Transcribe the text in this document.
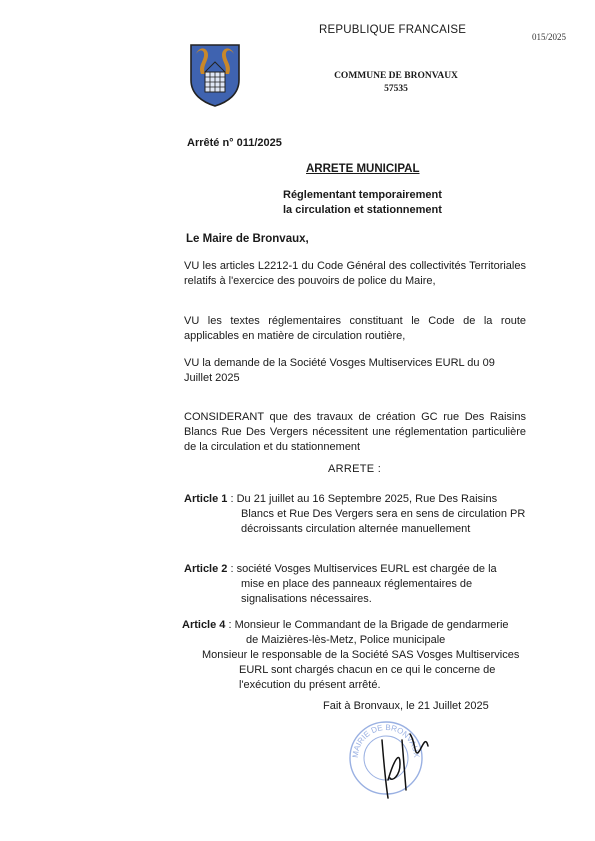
REPUBLIQUE FRANCAISE
015/2025
COMMUNE DE BRONVAUX
57535
Arrêté n° 011/2025
ARRETE MUNICIPAL
Réglementant temporairement
la circulation et stationnement
Le Maire de Bronvaux,
VU les articles L2212-1 du Code Général des collectivités Territoriales relatifs à l'exercice des pouvoirs de police du Maire,
VU les textes réglementaires constituant le Code de la route applicables en matière de circulation routière,
VU la demande de la Société Vosges Multiservices EURL du 09
Juillet 2025
CONSIDERANT que des travaux de création GC rue Des Raisins Blancs Rue Des Vergers nécessitent une réglementation particulière de la circulation et du stationnement
ARRETE :
Article 1 : Du 21 juillet au 16 Septembre 2025, Rue Des Raisins
Blancs et Rue Des Vergers sera en sens de circulation PR
décroissants circulation alternée manuellement
Article 2 : société Vosges Multiservices EURL est chargée de la
mise en place des panneaux réglementaires de
signalisations nécessaires.
Article 4 : Monsieur le Commandant de la Brigade de gendarmerie
de Maizières-lès-Metz, Police municipale
Monsieur le responsable de la Société SAS Vosges Multiservices
EURL sont chargés chacun en ce qui le concerne de
l'exécution du présent arrêté.
Fait à Bronvaux, le 21 Juillet 2025
MAIRIE DE BRONVAUX
